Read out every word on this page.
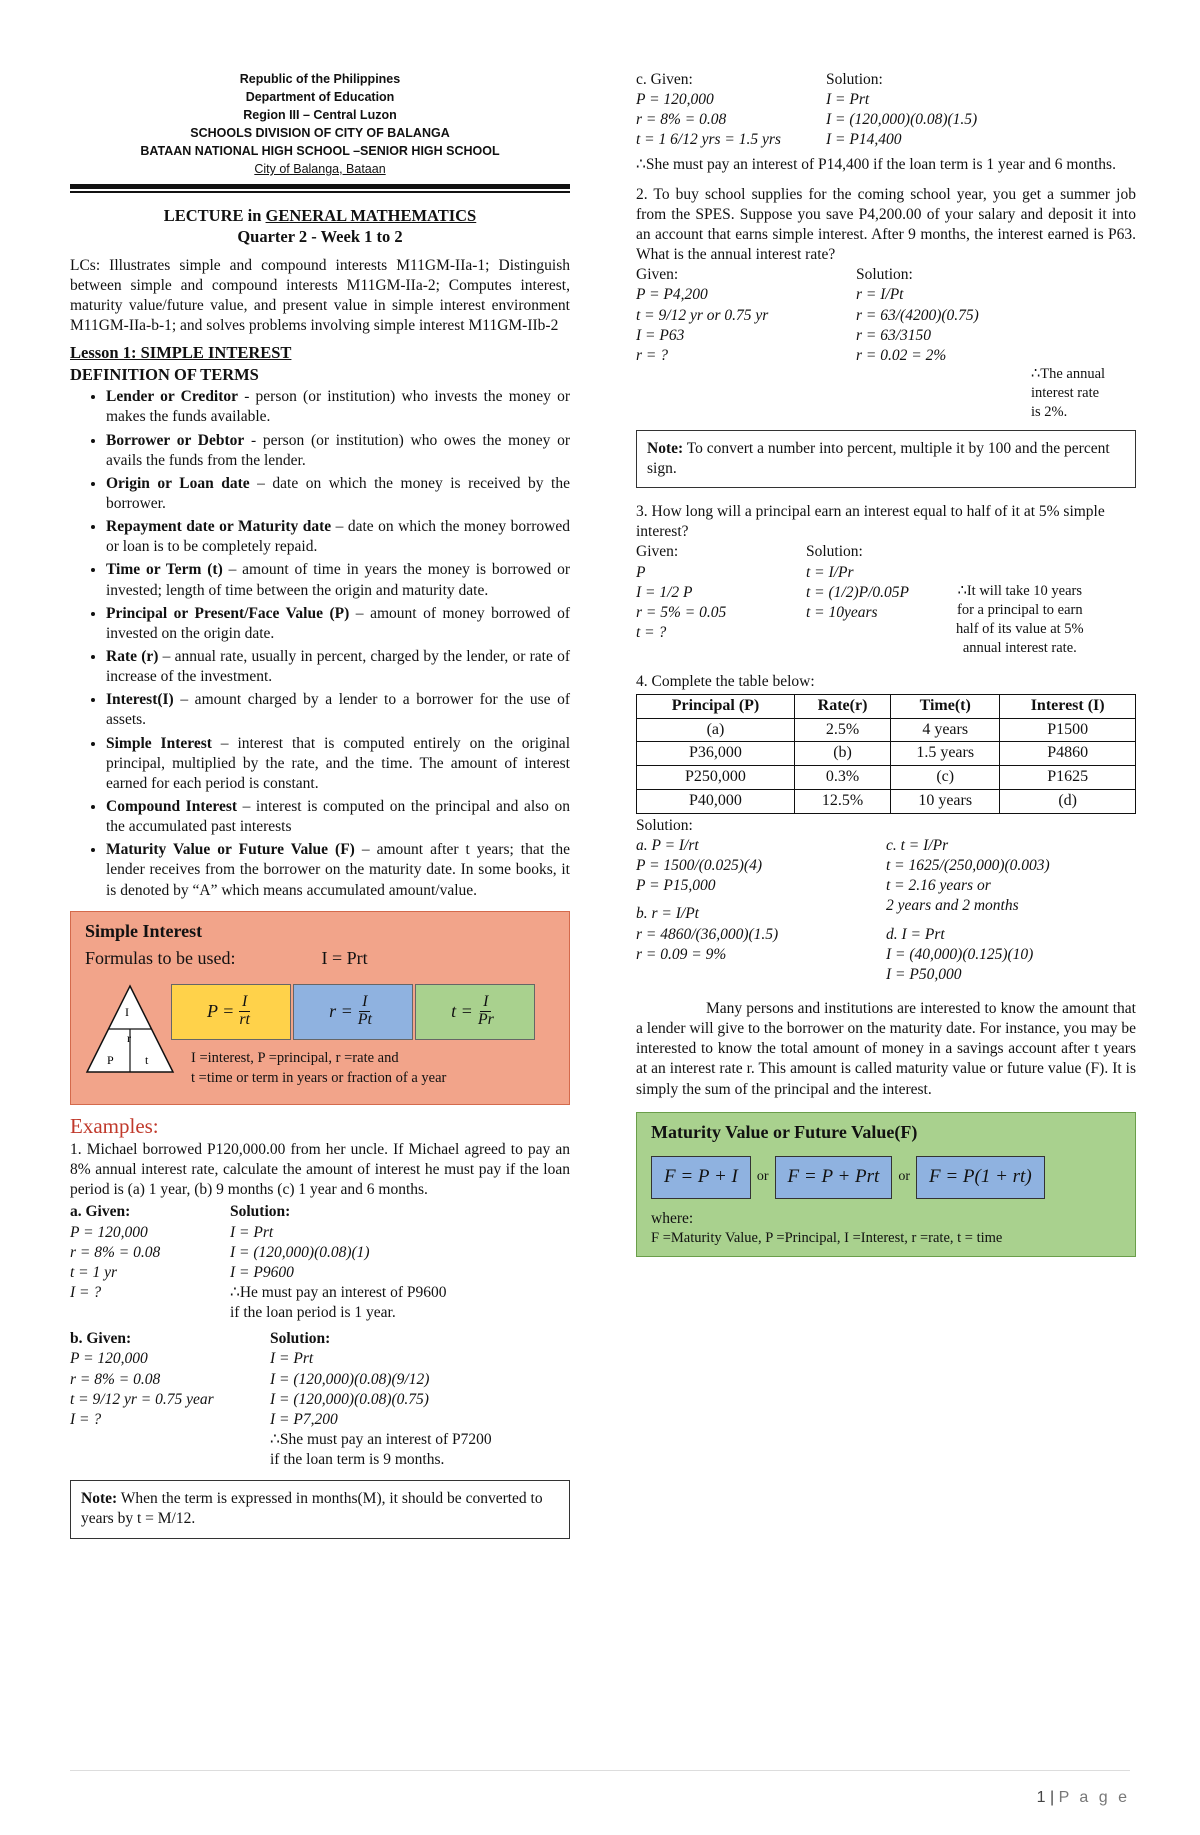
Republic of the Philippines
Department of Education
Region III – Central Luzon
SCHOOLS DIVISION OF CITY OF BALANGA
BATAAN NATIONAL HIGH SCHOOL –SENIOR HIGH SCHOOL
City of Balanga, Bataan
LECTURE in GENERAL MATHEMATICS
Quarter 2 - Week 1 to 2
LCs: Illustrates simple and compound interests M11GM-IIa-1; Distinguish between simple and compound interests M11GM-IIa-2; Computes interest, maturity value/future value, and present value in simple interest environment M11GM-IIa-b-1; and solves problems involving simple interest M11GM-IIb-2
Lesson 1: SIMPLE INTEREST
DEFINITION OF TERMS
• Lender or Creditor - person (or institution) who invests the money or makes the funds available.
• Borrower or Debtor - person (or institution) who owes the money or avails the funds from the lender.
• Origin or Loan date – date on which the money is received by the borrower.
• Repayment date or Maturity date – date on which the money borrowed or loan is to be completely repaid.
• Time or Term (t) – amount of time in years the money is borrowed or invested; length of time between the origin and maturity date.
• Principal or Present/Face Value (P) – amount of money borrowed of invested on the origin date.
• Rate (r) – annual rate, usually in percent, charged by the lender, or rate of increase of the investment.
• Interest(I) – amount charged by a lender to a borrower for the use of assets.
• Simple Interest – interest that is computed entirely on the original principal, multiplied by the rate, and the time. The amount of interest earned for each period is constant.
• Compound Interest – interest is computed on the principal and also on the accumulated past interests
• Maturity Value or Future Value (F) – amount after t years; that the lender receives from the borrower on the maturity date. In some books, it is denoted by “A” which means accumulated amount/value.
Simple Interest
Formulas to be used:	I = Prt
I
r
P	t
$P = \frac{I}{rt}$	$r = \frac{I}{Pt}$	$t = \frac{I}{Pr}$
I =interest, P =principal, r =rate and
t =time or term in years or fraction of a year
Examples:
1. Michael borrowed P120,000.00 from her uncle. If Michael agreed to pay an 8% annual interest rate, calculate the amount of interest he must pay if the loan period is (a) 1 year, (b) 9 months (c) 1 year and 6 months.
a. Given:
P = 120,000
r = 8% = 0.08
t = 1 yr
I = ?
Solution:
I = Prt
I = (120,000)(0.08)(1)
I = P9600
∴He must pay an interest of P9600
if the loan period is 1 year.
b. Given:
P = 120,000
r = 8% = 0.08
t = 9/12 yr = 0.75 year
I = ?
Solution:
I = Prt
I = (120,000)(0.08)(9/12)
I = (120,000)(0.08)(0.75)
I = P7,200
∴She must pay an interest of P7200
if the loan term is 9 months.
Note: When the term is expressed in months(M), it should be converted to years by t = M/12.
c. Given:
P = 120,000
r = 8% = 0.08
t = 1 6/12 yrs = 1.5 yrs
Solution:
I = Prt
I = (120,000)(0.08)(1.5)
I = P14,400
∴She must pay an interest of P14,400 if the loan term is 1 year and 6 months.
2. To buy school supplies for the coming school year, you get a summer job from the SPES. Suppose you save P4,200.00 of your salary and deposit it into an account that earns simple interest. After 9 months, the interest earned is P63. What is the annual interest rate?
Given:
P = P4,200
t = 9/12 yr or 0.75 yr
I = P63
r = ?
Solution:
r = I/Pt
r = 63/(4200)(0.75)
r = 63/3150
r = 0.02 = 2%
∴The annual
interest rate
is 2%.
Note: To convert a number into percent, multiple it by 100 and the percent sign.
3. How long will a principal earn an interest equal to half of it at 5% simple interest?
Given:
P
I = 1/2 P
r = 5% = 0.05
t = ?
Solution:
t = I/Pr
t = (1/2)P/0.05P
t = 10years
∴It will take 10 years
for a principal to earn
half of its value at 5%
annual interest rate.
4. Complete the table below:
Principal (P)	Rate(r)	Time(t)	Interest (I)
(a)	2.5%	4 years	P1500
P36,000	(b)	1.5 years	P4860
P250,000	0.3%	(c)	P1625
P40,000	12.5%	10 years	(d)
Solution:
a. P = I/rt
P = 1500/(0.025)(4)
P = P15,000
b. r = I/Pt
r = 4860/(36,000)(1.5)
r = 0.09 = 9%
c. t = I/Pr
t = 1625/(250,000)(0.003)
t = 2.16 years or
2 years and 2 months
d. I = Prt
I = (40,000)(0.125)(10)
I = P50,000
Many persons and institutions are interested to know the amount that a lender will give to the borrower on the maturity date. For instance, you may be interested to know the total amount of money in a savings account after t years at an interest rate r. This amount is called maturity value or future value (F). It is simply the sum of the principal and the interest.
Maturity Value or Future Value(F)
F = P + I	or	F = P + Prt	or	F = P(1 + rt)
where:
F =Maturity Value, P =Principal, I =Interest, r =rate, t = time
1 | P a g e
